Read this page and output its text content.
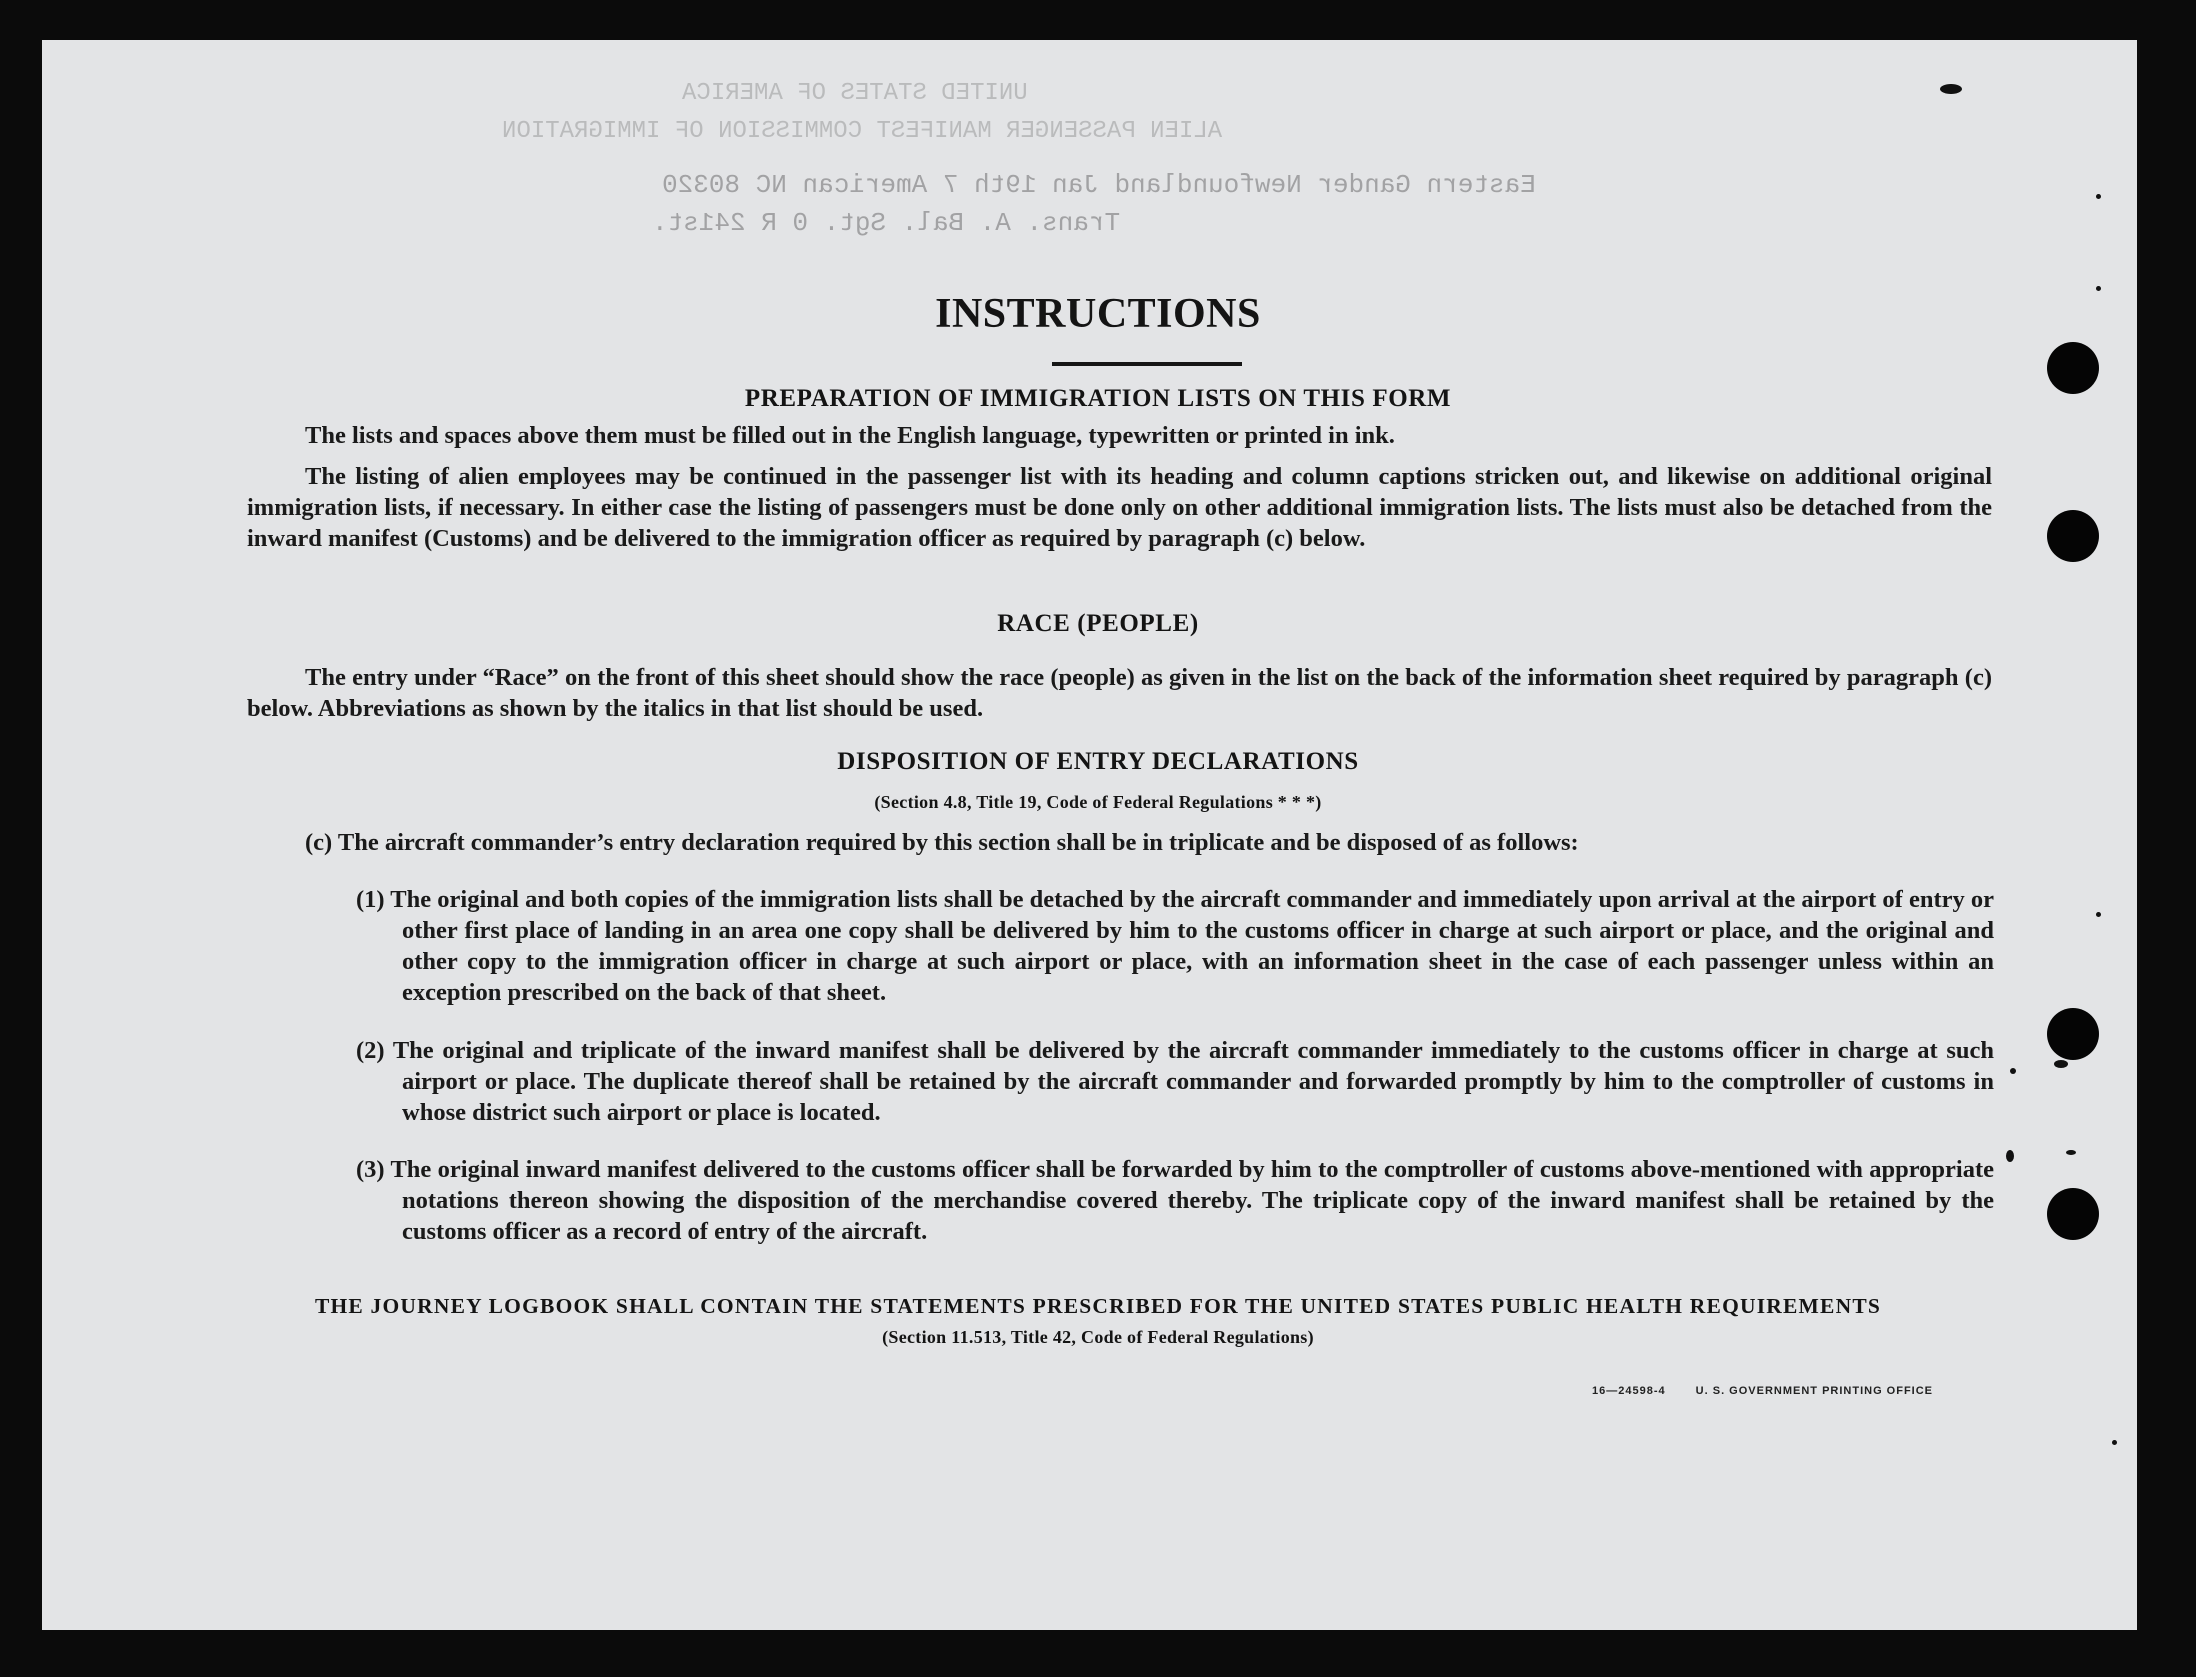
UNITED STATES OF AMERICA
ALIEN PASSENGER MANIFEST COMMISSION OF IMMIGRATION
Eastern Gander Newfoundland Jan 19th 7 American NC 80320
Trans. A. Bal. Sgt. 0 R 241st.
INSTRUCTIONS
PREPARATION OF IMMIGRATION LISTS ON THIS FORM
The lists and spaces above them must be filled out in the English language, typewritten or printed in ink.
The listing of alien employees may be continued in the passenger list with its heading and column captions stricken out, and likewise on additional original immigration lists, if necessary. In either case the listing of passengers must be done only on other additional immigration lists. The lists must also be detached from the inward manifest (Customs) and be delivered to the immigration officer as required by paragraph (c) below.
RACE (PEOPLE)
The entry under “Race” on the front of this sheet should show the race (people) as given in the list on the back of the information sheet required by paragraph (c) below. Abbreviations as shown by the italics in that list should be used.
DISPOSITION OF ENTRY DECLARATIONS
(Section 4.8, Title 19, Code of Federal Regulations * * *)
(c) The aircraft commander’s entry declaration required by this section shall be in triplicate and be disposed of as follows:
(1) The original and both copies of the immigration lists shall be detached by the aircraft commander and immediately upon arrival at the airport of entry or other first place of landing in an area one copy shall be delivered by him to the customs officer in charge at such airport or place, and the original and other copy to the immigration officer in charge at such airport or place, with an information sheet in the case of each passenger unless within an exception prescribed on the back of that sheet.
(2) The original and triplicate of the inward manifest shall be delivered by the aircraft commander immediately to the customs officer in charge at such airport or place. The duplicate thereof shall be retained by the aircraft commander and forwarded promptly by him to the comptroller of customs in whose district such airport or place is located.
(3) The original inward manifest delivered to the customs officer shall be forwarded by him to the comptroller of customs above-mentioned with appropriate notations thereon showing the disposition of the merchandise covered thereby. The triplicate copy of the inward manifest shall be retained by the customs officer as a record of entry of the aircraft.
THE JOURNEY LOGBOOK SHALL CONTAIN THE STATEMENTS PRESCRIBED FOR THE UNITED STATES PUBLIC HEALTH REQUIREMENTS
(Section 11.513, Title 42, Code of Federal Regulations)
16—24598-4	U. S. GOVERNMENT PRINTING OFFICE
